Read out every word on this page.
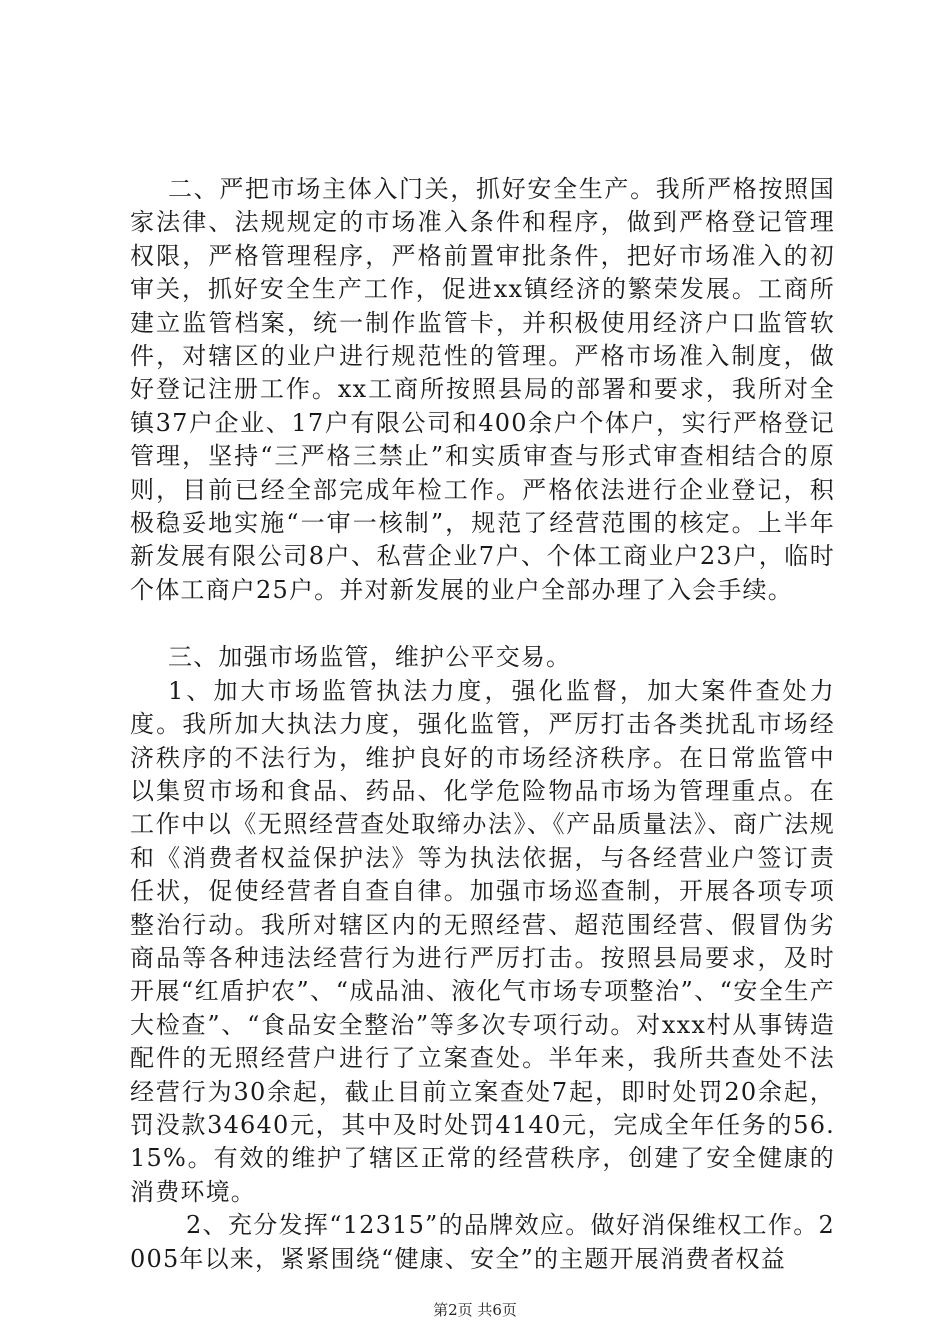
二、严把市场主体入门关，抓好安全生产。我所严格按照国家法律、法规规定的市场准入条件和程序，做到严格登记管理权限，严格管理程序，严格前置审批条件，把好市场准入的初审关，抓好安全生产工作，促进xx镇经济的繁荣发展。工商所建立监管档案，统一制作监管卡，并积极使用经济户口监管软件，对辖区的业户进行规范性的管理。严格市场准入制度，做好登记注册工作。xx工商所按照县局的部署和要求，我所对全镇37户企业、17户有限公司和400余户个体户，实行严格登记管理，坚持“三严格三禁止”和实质审查与形式审查相结合的原则，目前已经全部完成年检工作。严格依法进行企业登记，积极稳妥地实施“一审一核制”，规范了经营范围的核定。上半年新发展有限公司8户、私营企业7户、个体工商业户23户，临时个体工商户25户。并对新发展的业户全部办理了入会手续。

三、加强市场监管，维护公平交易。

1、加大市场监管执法力度，强化监督，加大案件查处力度。我所加大执法力度，强化监管，严厉打击各类扰乱市场经济秩序的不法行为，维护良好的市场经济秩序。在日常监管中以集贸市场和食品、药品、化学危险物品市场为管理重点。在工作中以《无照经营查处取缔办法》、《产品质量法》、商广法规和《消费者权益保护法》等为执法依据，与各经营业户签订责任状，促使经营者自查自律。加强市场巡查制，开展各项专项整治行动。我所对辖区内的无照经营、超范围经营、假冒伪劣商品等各种违法经营行为进行严厉打击。按照县局要求，及时开展“红盾护农”、“成品油、液化气市场专项整治”、“安全生产大检查”、“食品安全整治”等多次专项行动。对xxx村从事铸造配件的无照经营户进行了立案查处。半年来，我所共查处不法经营行为30余起，截止目前立案查处7起，即时处罚20余起，罚没款34640元，其中及时处罚4140元，完成全年任务的56.15%。有效的维护了辖区正常的经营秩序，创建了安全健康的消费环境。

2、充分发挥“12315”的品牌效应。做好消保维权工作。2005年以来，紧紧围绕“健康、安全”的主题开展消费者权益

第2页 共6页
